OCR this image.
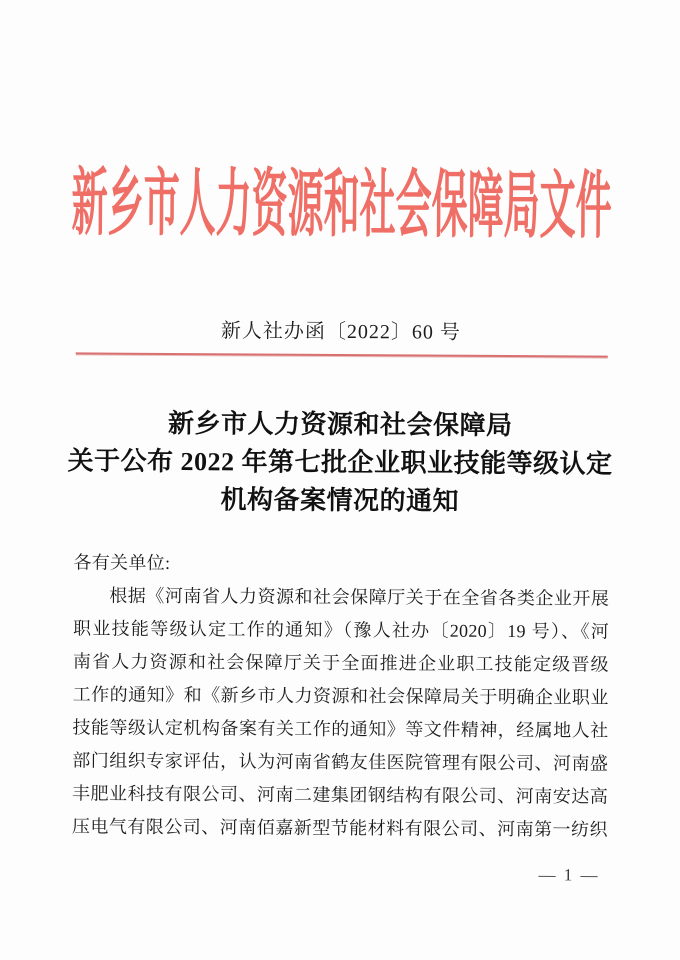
新乡市人力资源和社会保障局文件
新人社办函〔2022〕60 号
新乡市人力资源和社会保障局
关于公布 2022 年第七批企业职业技能等级认定
机构备案情况的通知
各有关单位:
根据《河南省人力资源和社会保障厅关于在全省各类企业开展
职业技能等级认定工作的通知》（豫人社办〔2020〕19 号）、《河
南省人力资源和社会保障厅关于全面推进企业职工技能定级晋级
工作的通知》和《新乡市人力资源和社会保障局关于明确企业职业
技能等级认定机构备案有关工作的通知》等文件精神，经属地人社
部门组织专家评估，认为河南省鹤友佳医院管理有限公司、河南盛
丰肥业科技有限公司、河南二建集团钢结构有限公司、河南安达高
压电气有限公司、河南佰嘉新型节能材料有限公司、河南第一纺织
— 1 —
